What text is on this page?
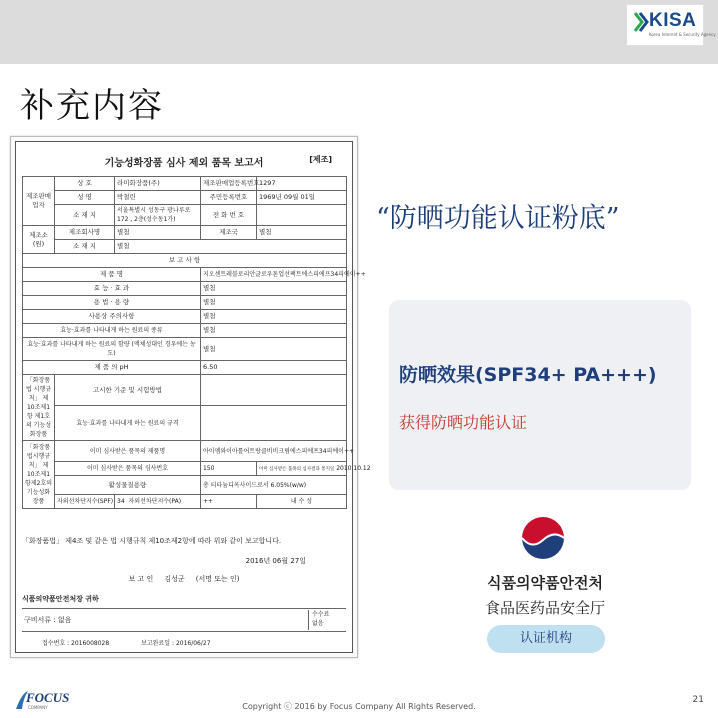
KISA
Korea Internet & Security Agency
补充内容
기능성화장품 심사 제외 품목 보고서	[제조]
제조판매업자	상 호	라미화장품(주)	제조판매업등록번호	1297
	성 명	박철린	주민등록번호	1969년 09월 01일
	소 재 지	서울특별시 성동구 광나루로 172 , 2층(성수동1가)	전 화 번 호	
제조소(원)	제조회사명	별첨	제조국	별첨
	소 재 지	별첨		
보 고 사 항				
제 품 명			지오센트레블로리안글로우톤업선팩트에스피에프34피에이++	
효 능 · 효 과			별첨	
용 법 · 용 량			별첨	
사용상 주의사항			별첨	
효능·효과를 나타내게 하는 원료의 종류			별첨	
효능·효과를 나타내게 하는 원료의 함량 (액체성대인 경우에는 농도)			별첨	
제 품 의 pH			6.50	
「화장품법 시행규칙」 제10조제1항 제1호의 기능성화장품	고시한 기준 및 시험방법			
	효능·효과를 나타내게 하는 원료의 규격			
「화장품법시행규칙」 제10조제1항제2호의기능성화장품	이미 심사받은 품목의 제품명		아이엠와이아롤어트랑클비비크림에스피에프34피에이++	
	이미 심사받은 품목의 심사번호		150	이미 심사받은 품목의 심사결과 통지일 2010.10.12
	활성물질용량		총 티타늄디옥사이드로서 6.05%(w/w)	
	자외선차단지수(SPF)	34 자외선차단지수(PA)	++	내 수 성
「화장품법」 제4조 및 같은 법 시행규칙 제10조제2항에 따라 위와 같이 보고합니다.
2016년 06월 27일
보 고 인 김성군 (서명 또는 인)
식품의약품안전처장 귀하
구비서류 : 없음
수수료
없음
접수번호 : 2016008028	보고완료일 : 2016/06/27
“防晒功能认证粉底”
防晒效果(SPF34+ PA+++)
获得防晒功能认证
식품의약품안전처
食品医药品安全厅
认证机构
FOCUS
COMPANY	Copyright ⓒ 2016 by Focus Company All Rights Reserved.
21
